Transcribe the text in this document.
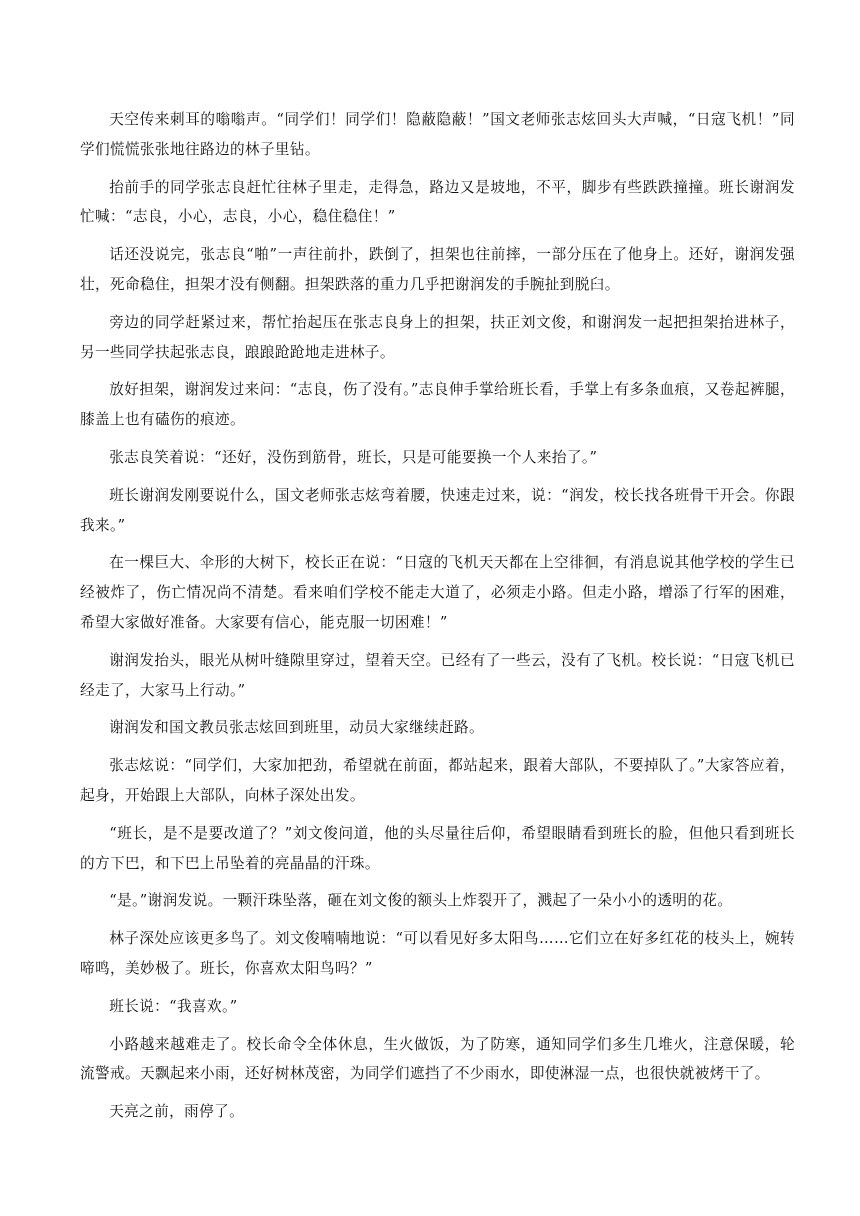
天空传来刺耳的嗡嗡声。“同学们！同学们！隐蔽隐蔽！”国文老师张志炫回头大声喊，“日寇飞机！”同学们慌慌张张地往路边的林子里钻。

抬前手的同学张志良赶忙往林子里走，走得急，路边又是坡地，不平，脚步有些跌跌撞撞。班长谢润发忙喊：“志良，小心，志良，小心，稳住稳住！”

话还没说完，张志良“啪”一声往前扑，跌倒了，担架也往前摔，一部分压在了他身上。还好，谢润发强壮，死命稳住，担架才没有侧翻。担架跌落的重力几乎把谢润发的手腕扯到脱臼。

旁边的同学赶紧过来，帮忙抬起压在张志良身上的担架，扶正刘文俊，和谢润发一起把担架抬进林子，另一些同学扶起张志良，踉踉跄跄地走进林子。

放好担架，谢润发过来问：“志良，伤了没有。”志良伸手掌给班长看，手掌上有多条血痕，又卷起裤腿，膝盖上也有磕伤的痕迹。

张志良笑着说：“还好，没伤到筋骨，班长，只是可能要换一个人来抬了。”

班长谢润发刚要说什么，国文老师张志炫弯着腰，快速走过来，说：“润发，校长找各班骨干开会。你跟我来。”

在一棵巨大、伞形的大树下，校长正在说：“日寇的飞机天天都在上空徘徊，有消息说其他学校的学生已经被炸了，伤亡情况尚不清楚。看来咱们学校不能走大道了，必须走小路。但走小路，增添了行军的困难，希望大家做好准备。大家要有信心，能克服一切困难！”

谢润发抬头，眼光从树叶缝隙里穿过，望着天空。已经有了一些云，没有了飞机。校长说：“日寇飞机已经走了，大家马上行动。”

谢润发和国文教员张志炫回到班里，动员大家继续赶路。

张志炫说：“同学们，大家加把劲，希望就在前面，都站起来，跟着大部队，不要掉队了。”大家答应着，起身，开始跟上大部队，向林子深处出发。

“班长，是不是要改道了？”刘文俊问道，他的头尽量往后仰，希望眼睛看到班长的脸，但他只看到班长的方下巴，和下巴上吊坠着的亮晶晶的汗珠。

“是。”谢润发说。一颗汗珠坠落，砸在刘文俊的额头上炸裂开了，溅起了一朵小小的透明的花。

林子深处应该更多鸟了。刘文俊喃喃地说：“可以看见好多太阳鸟……它们立在好多红花的枝头上，婉转啼鸣，美妙极了。班长，你喜欢太阳鸟吗？”

班长说：“我喜欢。”

小路越来越难走了。校长命令全体休息，生火做饭，为了防寒，通知同学们多生几堆火，注意保暖，轮流警戒。天飘起来小雨，还好树林茂密，为同学们遮挡了不少雨水，即使淋湿一点，也很快就被烤干了。

天亮之前，雨停了。
